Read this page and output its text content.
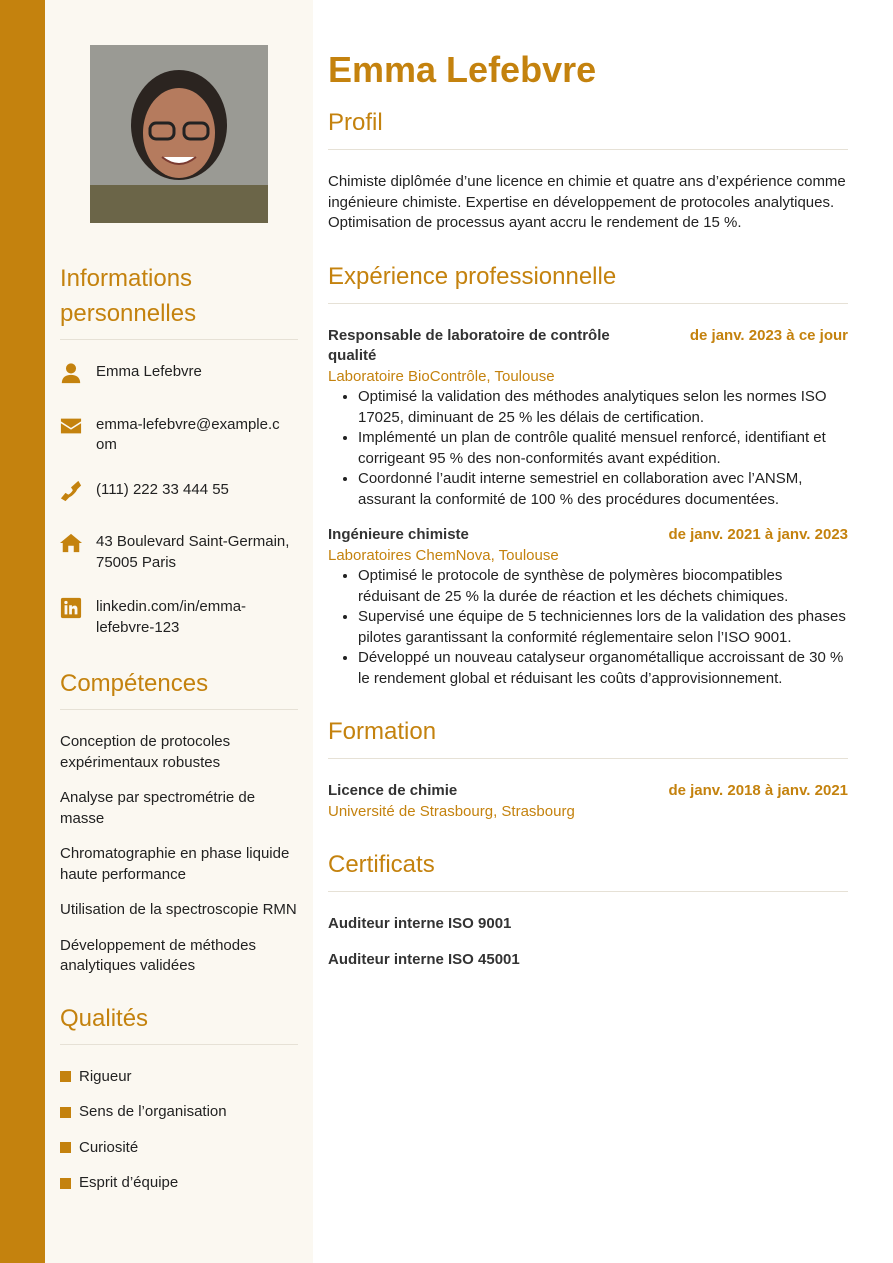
Informations personnelles
Emma Lefebvre
emma-lefebvre@example.com
(111) 222 33 444 55
43 Boulevard Saint-Germain, 75005 Paris
linkedin.com/in/emma-lefebvre-123
Compétences
Conception de protocoles expérimentaux robustes
Analyse par spectrométrie de masse
Chromatographie en phase liquide haute performance
Utilisation de la spectroscopie RMN
Développement de méthodes analytiques validées
Qualités
Rigueur
Sens de l’organisation
Curiosité
Esprit d’équipe
Emma Lefebvre
Profil

Chimiste diplômée d’une licence en chimie et quatre ans d’expérience comme ingénieure chimiste. Expertise en développement de protocoles analytiques. Optimisation de processus ayant accru le rendement de 15 %.

Expérience professionnelle
Responsable de laboratoire de contrôle qualité
de janv. 2023 à ce jour
Laboratoire BioContrôle, Toulouse
• Optimisé la validation des méthodes analytiques selon les normes ISO 17025, diminuant de 25 % les délais de certification.
• Implémenté un plan de contrôle qualité mensuel renforcé, identifiant et corrigeant 95 % des non-conformités avant expédition.
• Coordonné l’audit interne semestriel en collaboration avec l’ANSM, assurant la conformité de 100 % des procédures documentées.
Ingénieure chimiste	de janv. 2021 à janv. 2023
Laboratoires ChemNova, Toulouse
• Optimisé le protocole de synthèse de polymères biocompatibles réduisant de 25 % la durée de réaction et les déchets chimiques.
• Supervisé une équipe de 5 techniciennes lors de la validation des phases pilotes garantissant la conformité réglementaire selon l’ISO 9001.
• Développé un nouveau catalyseur organométallique accroissant de 30 % le rendement global et réduisant les coûts d’approvisionnement.
Formation
Licence de chimie	de janv. 2018 à janv. 2021
Université de Strasbourg, Strasbourg
Certificats
Auditeur interne ISO 9001
Auditeur interne ISO 45001
